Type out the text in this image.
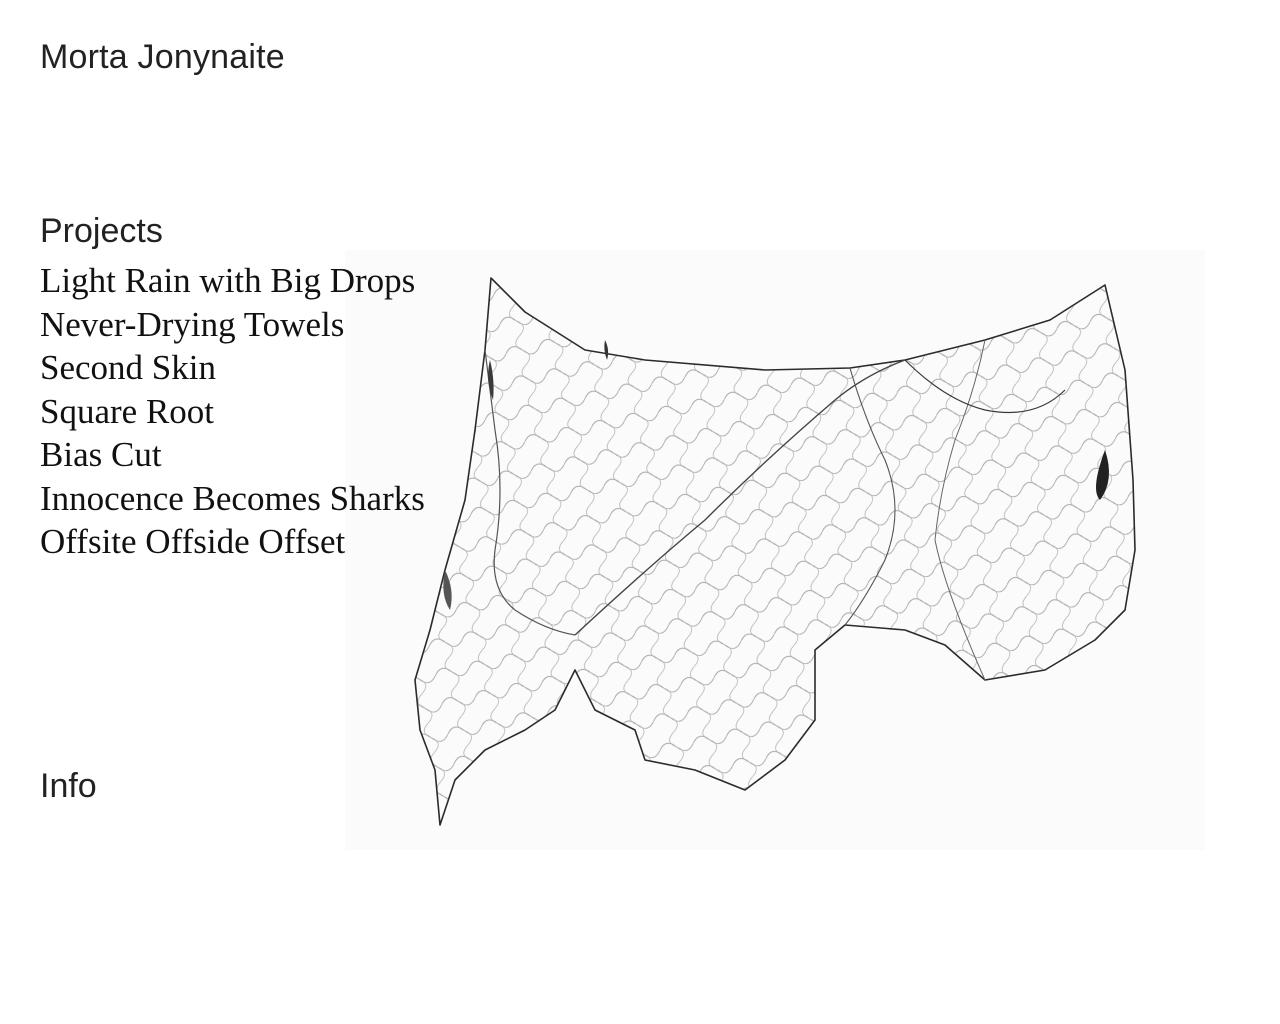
Morta Jonynaite
Projects
Light Rain with Big Drops
Never-Drying Towels
Second Skin
Square Root
Bias Cut
Innocence Becomes Sharks
Offsite Offside Offset
Info
